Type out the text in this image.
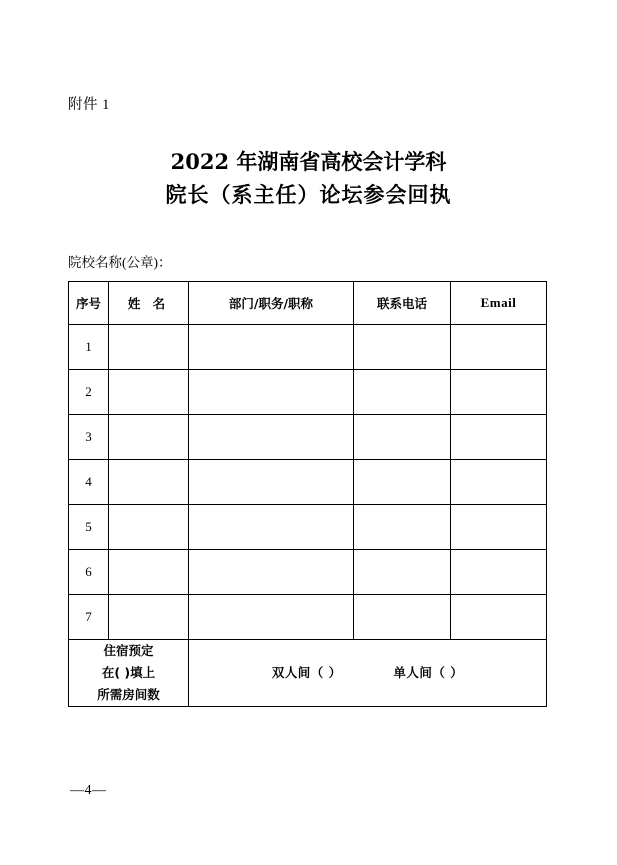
附件 1
2022 年湖南省高校会计学科
院长（系主任）论坛参会回执
院校名称(公章)：
序号	姓 名	部门/职务/职称	联系电话	Email
1				
2				
3				
4				
5				
6				
7				

住宿预定
在( )填上
所需房间数		双人间（ ） 单人间（ ）		
—4—
